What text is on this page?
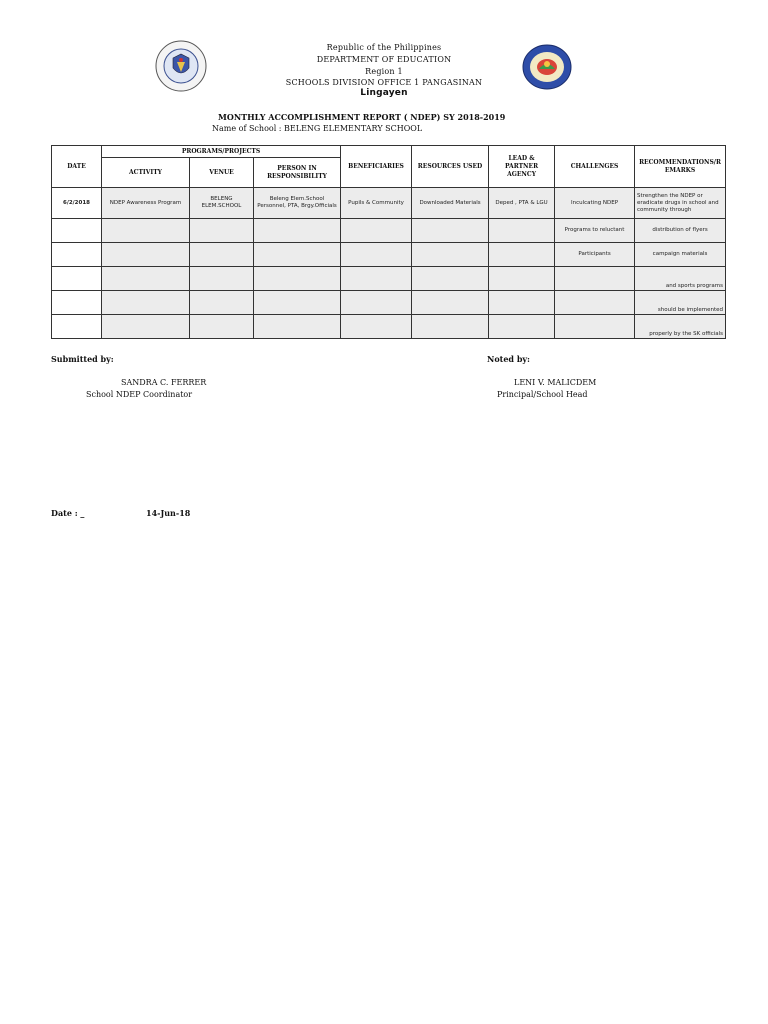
Republic of the Philippines
DEPARTMENT OF EDUCATION
Region 1
SCHOOLS DIVISION OFFICE 1 PANGASINAN
Lingayen
MONTHLY ACCOMPLISHMENT REPORT ( NDEP) SY 2018-2019
Name of School : BELENG ELEMENTARY SCHOOL
DATE	PROGRAMS/PROJECTS			BENEFICIARIES	RESOURCES USED	LEAD & PARTNER AGENCY	CHALLENGES	RECOMMENDATIONS/REMARKS
	ACTIVITY	VENUE	PERSON IN RESPONSIBILITY					
6/2/2018	NDEP Awareness Program	BELENG ELEM.SCHOOL	Beleng Elem.School Personnel, PTA, Brgy.Officials	Pupils & Community	Downloaded Materials	Deped , PTA & LGU	Inculcating NDEP	Strengthen the NDEP or eradicate drugs in school and community through
							Programs to reluctant	distribution of flyers
							Participants	campaign materials
								and sports programs
								should be implemented
								properly by the SK officials
Submitted by:
SANDRA C. FERRER
School NDEP Coordinator
Noted by:
LENI V. MALICDEM
Principal/School Head
Date : _	14-Jun-18
